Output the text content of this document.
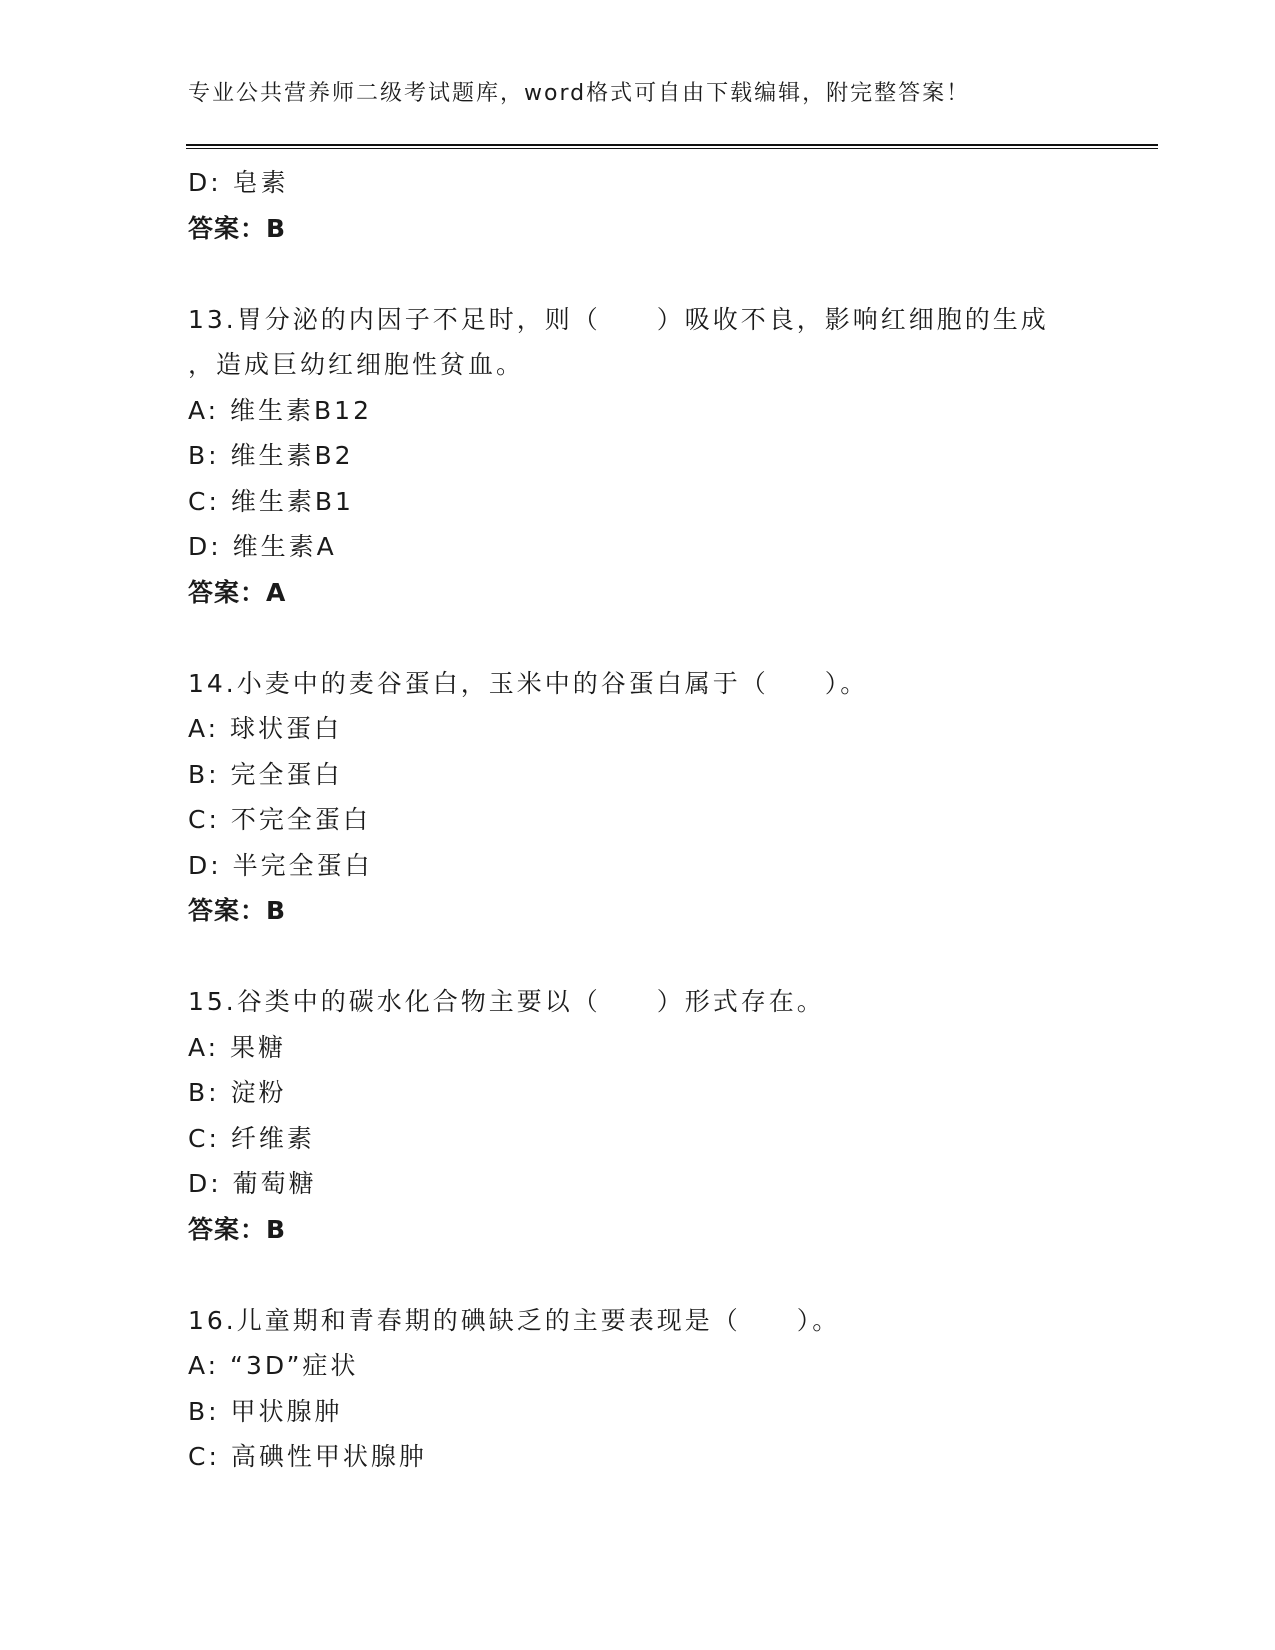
专业公共营养师二级考试题库，word格式可自由下载编辑，附完整答案！
D: 皂素
答案：B
13.胃分泌的内因子不足时，则（　　）吸收不良，影响红细胞的生成
，造成巨幼红细胞性贫血。
A: 维生素B12
B: 维生素B2
C: 维生素B1
D: 维生素A
答案：A
14.小麦中的麦谷蛋白，玉米中的谷蛋白属于（　　）。
A: 球状蛋白
B: 完全蛋白
C: 不完全蛋白
D: 半完全蛋白
答案：B
15.谷类中的碳水化合物主要以（　　）形式存在。
A: 果糖
B: 淀粉
C: 纤维素
D: 葡萄糖
答案：B
16.儿童期和青春期的碘缺乏的主要表现是（　　）。
A: “3D”症状
B: 甲状腺肿
C: 高碘性甲状腺肿
